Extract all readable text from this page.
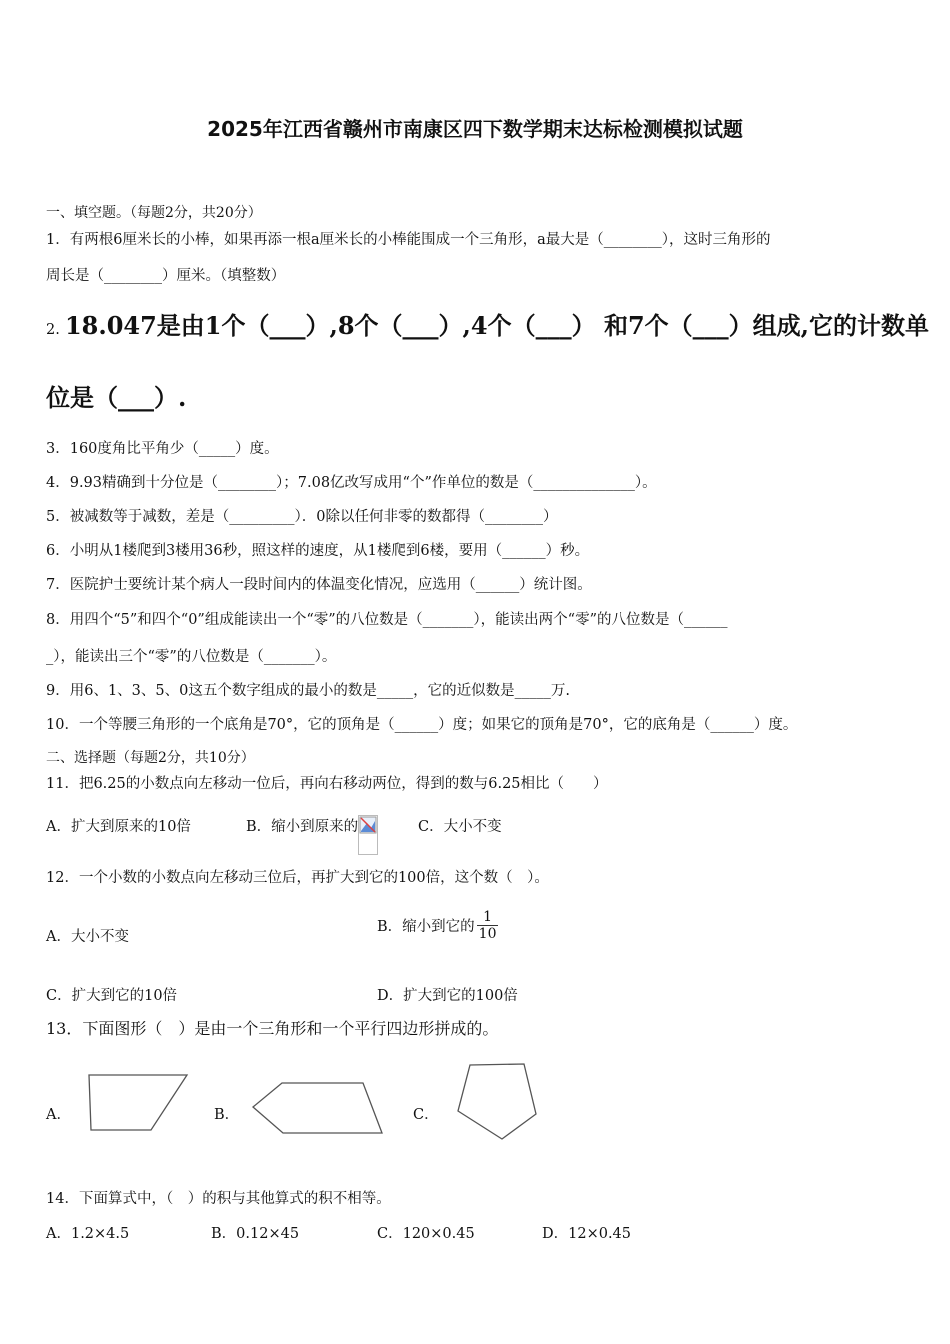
2025年江西省赣州市南康区四下数学期末达标检测模拟试题
一、填空题。（每题2分，共20分）
1．有两根6厘米长的小棒，如果再添一根a厘米长的小棒能围成一个三角形，a最大是（________），这时三角形的
周长是（________）厘米。（填整数）
2. 18.047是由1个（___）,8个（___）,4个（___） 和7个（___）组成,它的计数单
位是（___）.
3．160度角比平角少（_____）度。
4．9.93精确到十分位是（________）；7.08亿改写成用“个”作单位的数是（______________）。
5．被减数等于减数，差是（_________）．0除以任何非零的数都得（________）
6．小明从1楼爬到3楼用36秒，照这样的速度，从1楼爬到6楼，要用（______）秒。
7．医院护士要统计某个病人一段时间内的体温变化情况，应选用（______）统计图。
8．用四个“5”和四个“0”组成能读出一个“零”的八位数是（_______），能读出两个“零”的八位数是（______
_），能读出三个“零”的八位数是（_______）。
9．用6、1、3、5、0这五个数字组成的最小的数是_____，它的近似数是_____万.
10．一个等腰三角形的一个底角是70°，它的顶角是（______）度；如果它的顶角是70°，它的底角是（______）度。
二、选择题（每题2分，共10分）
11．把6.25的小数点向左移动一位后，再向右移动两位，得到的数与6.25相比（　　）
A．扩大到原来的10倍	B．缩小到原来的	C．大小不变
12．一个小数的小数点向左移动三位后，再扩大到它的100倍，这个数（　）。
A．大小不变
B．缩小到它的 $\frac{1}{10}$
C．扩大到它的10倍	D．扩大到它的100倍
13．下面图形（　）是由一个三角形和一个平行四边形拼成的。
A．	B．	C．
14．下面算式中，（　）的积与其他算式的积不相等。
A．1.2×4.5	B．0.12×45	C．120×0.45	D．12×0.45
